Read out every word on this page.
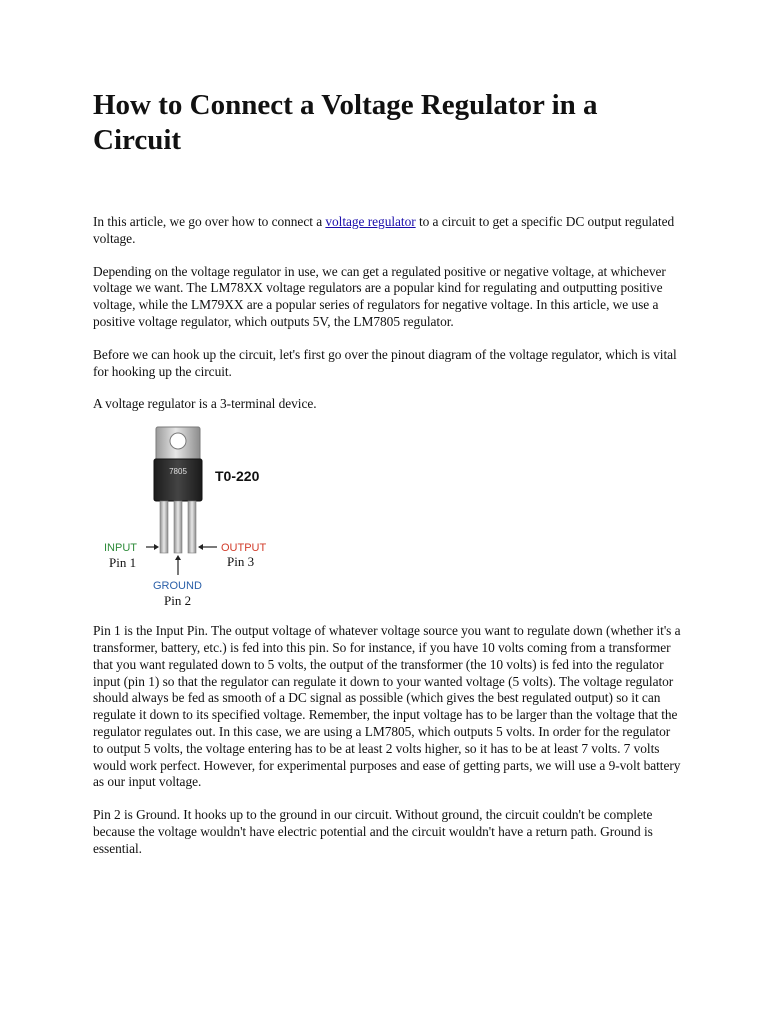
How to Connect a Voltage Regulator in a Circuit

In this article, we go over how to connect a voltage regulator to a circuit to get a specific DC output regulated voltage.

Depending on the voltage regulator in use, we can get a regulated positive or negative voltage, at whichever voltage we want. The LM78XX voltage regulators are a popular kind for regulating and outputting positive voltage, while the LM79XX are a popular series of regulators for negative voltage. In this article, we use a positive voltage regulator, which outputs 5V, the LM7805 regulator.

Before we can hook up the circuit, let's first go over the pinout diagram of the voltage regulator, which is vital for hooking up the circuit.

A voltage regulator is a 3-terminal device.

7805 T0-220
INPUT
Pin 1
OUTPUT
Pin 3
GROUND
Pin 2

Pin 1 is the Input Pin. The output voltage of whatever voltage source you want to regulate down (whether it's a transformer, battery, etc.) is fed into this pin. So for instance, if you have 10 volts coming from a transformer that you want regulated down to 5 volts, the output of the transformer (the 10 volts) is fed into the regulator input (pin 1) so that the regulator can regulate it down to your wanted voltage (5 volts). The voltage regulator should always be fed as smooth of a DC signal as possible (which gives the best regulated output) so it can regulate it down to its specified voltage. Remember, the input voltage has to be larger than the voltage that the regulator regulates out. In this case, we are using a LM7805, which outputs 5 volts. In order for the regulator to output 5 volts, the voltage entering has to be at least 2 volts higher, so it has to be at least 7 volts. 7 volts would work perfect. However, for experimental purposes and ease of getting parts, we will use a 9-volt battery as our input voltage.

Pin 2 is Ground. It hooks up to the ground in our circuit. Without ground, the circuit couldn't be complete because the voltage wouldn't have electric potential and the circuit wouldn't have a return path. Ground is essential.
